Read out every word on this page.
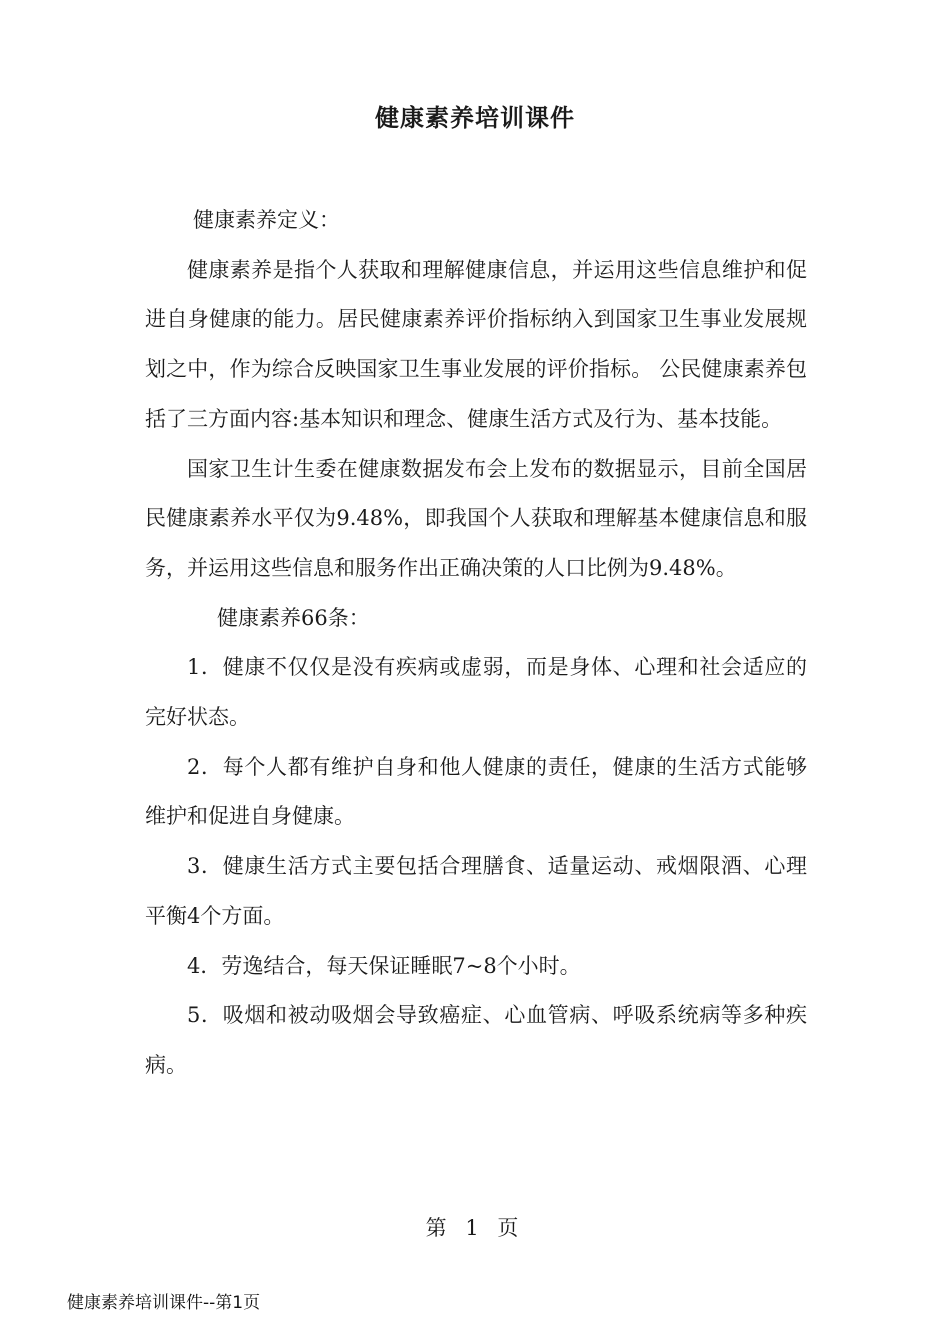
健康素养培训课件

健康素养定义：

健康素养是指个人获取和理解健康信息，并运用这些信息维护和促进自身健康的能力。居民健康素养评价指标纳入到国家卫生事业发展规划之中，作为综合反映国家卫生事业发展的评价指标。 公民健康素养包括了三方面内容:基本知识和理念、健康生活方式及行为、基本技能。

国家卫生计生委在健康数据发布会上发布的数据显示，目前全国居民健康素养水平仅为9.48%，即我国个人获取和理解基本健康信息和服务，并运用这些信息和服务作出正确决策的人口比例为9.48%。

健康素养66条：

1．健康不仅仅是没有疾病或虚弱，而是身体、心理和社会适应的完好状态。

2．每个人都有维护自身和他人健康的责任，健康的生活方式能够维护和促进自身健康。

3．健康生活方式主要包括合理膳食、适量运动、戒烟限酒、心理平衡4个方面。

4．劳逸结合，每天保证睡眠7~8个小时。

5．吸烟和被动吸烟会导致癌症、心血管病、呼吸系统病等多种疾病。

第 1 页
健康素养培训课件--第1页
